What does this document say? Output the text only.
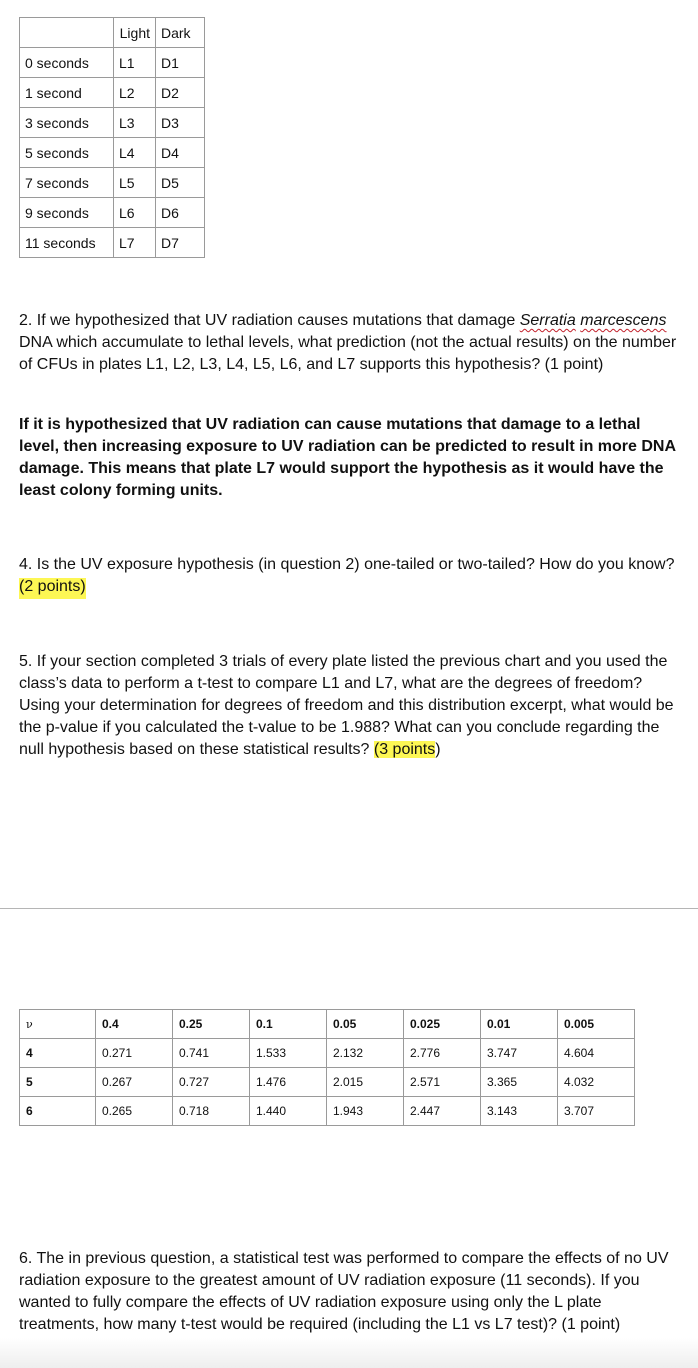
	Light	Dark
0 seconds	L1	D1
1 second	L2	D2
3 seconds	L3	D3
5 seconds	L4	D4
7 seconds	L5	D5
9 seconds	L6	D6
11 seconds	L7	D7
2. If we hypothesized that UV radiation causes mutations that damage Serratia marcescens DNA which accumulate to lethal levels, what prediction (not the actual results) on the number of CFUs in plates L1, L2, L3, L4, L5, L6, and L7 supports this hypothesis? (1 point)
If it is hypothesized that UV radiation can cause mutations that damage to a lethal level, then increasing exposure to UV radiation can be predicted to result in more DNA damage. This means that plate L7 would support the hypothesis as it would have the least colony forming units.
4. Is the UV exposure hypothesis (in question 2) one-tailed or two-tailed? How do you know? (2 points)
5. If your section completed 3 trials of every plate listed the previous chart and you used the class’s data to perform a t-test to compare L1 and L7, what are the degrees of freedom? Using your determination for degrees of freedom and this distribution excerpt, what would be the p-value if you calculated the t-value to be 1.988? What can you conclude regarding the null hypothesis based on these statistical results? (3 points)
ν	0.4	0.25	0.1	0.05	0.025	0.01	0.005
4	0.271	0.741	1.533	2.132	2.776	3.747	4.604
5	0.267	0.727	1.476	2.015	2.571	3.365	4.032
6	0.265	0.718	1.440	1.943	2.447	3.143	3.707
6. The in previous question, a statistical test was performed to compare the effects of no UV radiation exposure to the greatest amount of UV radiation exposure (11 seconds). If you wanted to fully compare the effects of UV radiation exposure using only the L plate treatments, how many t-test would be required (including the L1 vs L7 test)? (1 point)
